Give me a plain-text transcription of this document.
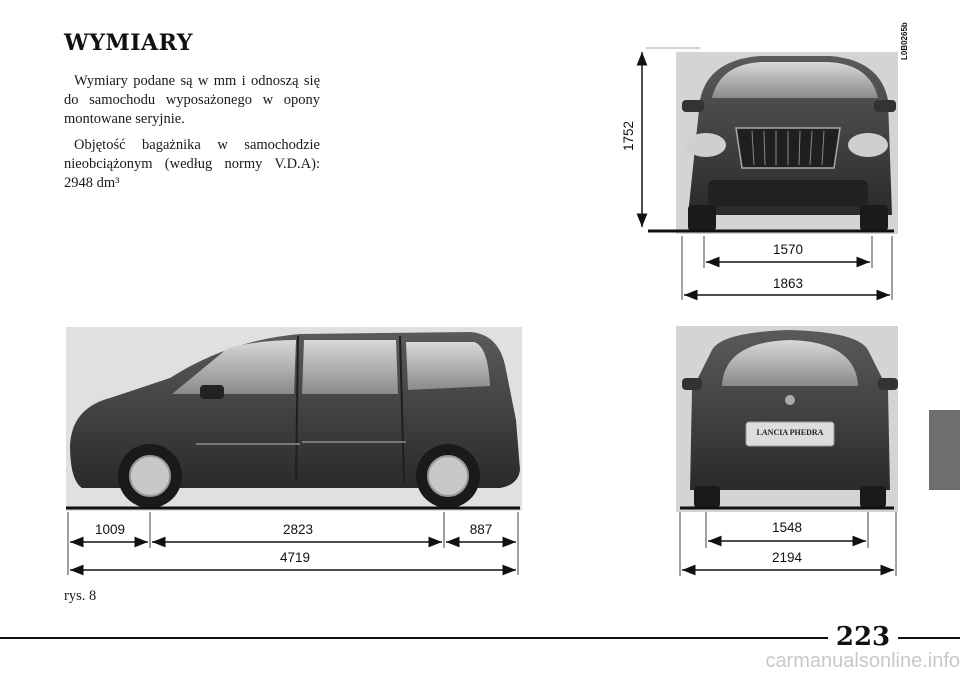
WYMIARY
Wymiary podane są w mm i odnoszą się do samochodu wyposażonego w opony montowane seryjnie.
Objętość bagażnika w samochodzie nieobciążonym (według normy V.D.A): 2948 dm³
rys. 8
L0B0265b
LANCIA PHEDRA
1752
1570
1863
1009	2823	887
4719
1548
2194
223
carmanualsonline.info
